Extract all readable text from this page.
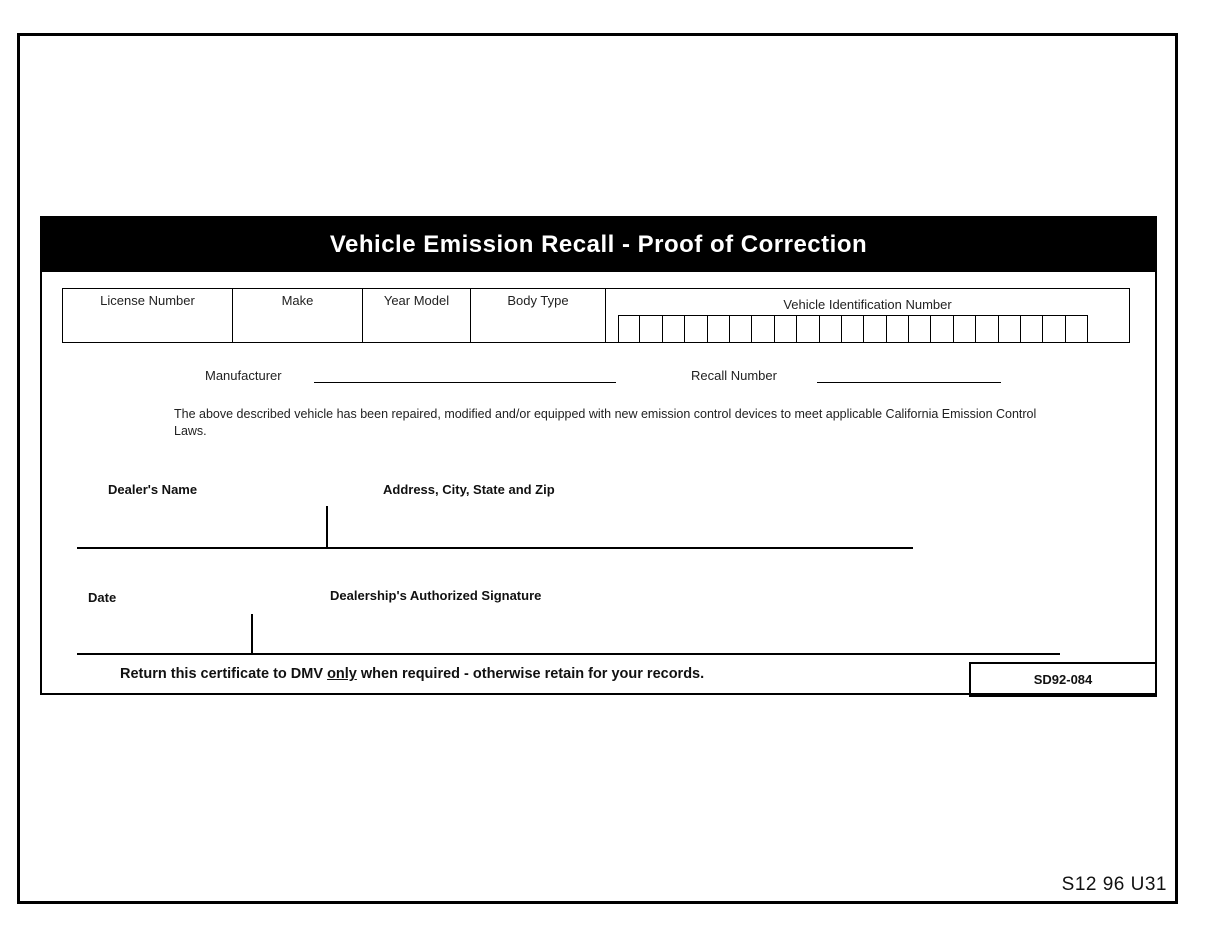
Vehicle Emission Recall - Proof of Correction
License Number	Make	Year Model	Body Type	Vehicle Identification Number
Manufacturer	Recall Number
The above described vehicle has been repaired, modified and/or equipped with new emission control devices to meet applicable California Emission Control Laws.
Dealer's Name	Address, City, State and Zip
Date	Dealership's Authorized Signature
Return this certificate to DMV only when required - otherwise retain for your records.	SD92-084
S12 96 U31
